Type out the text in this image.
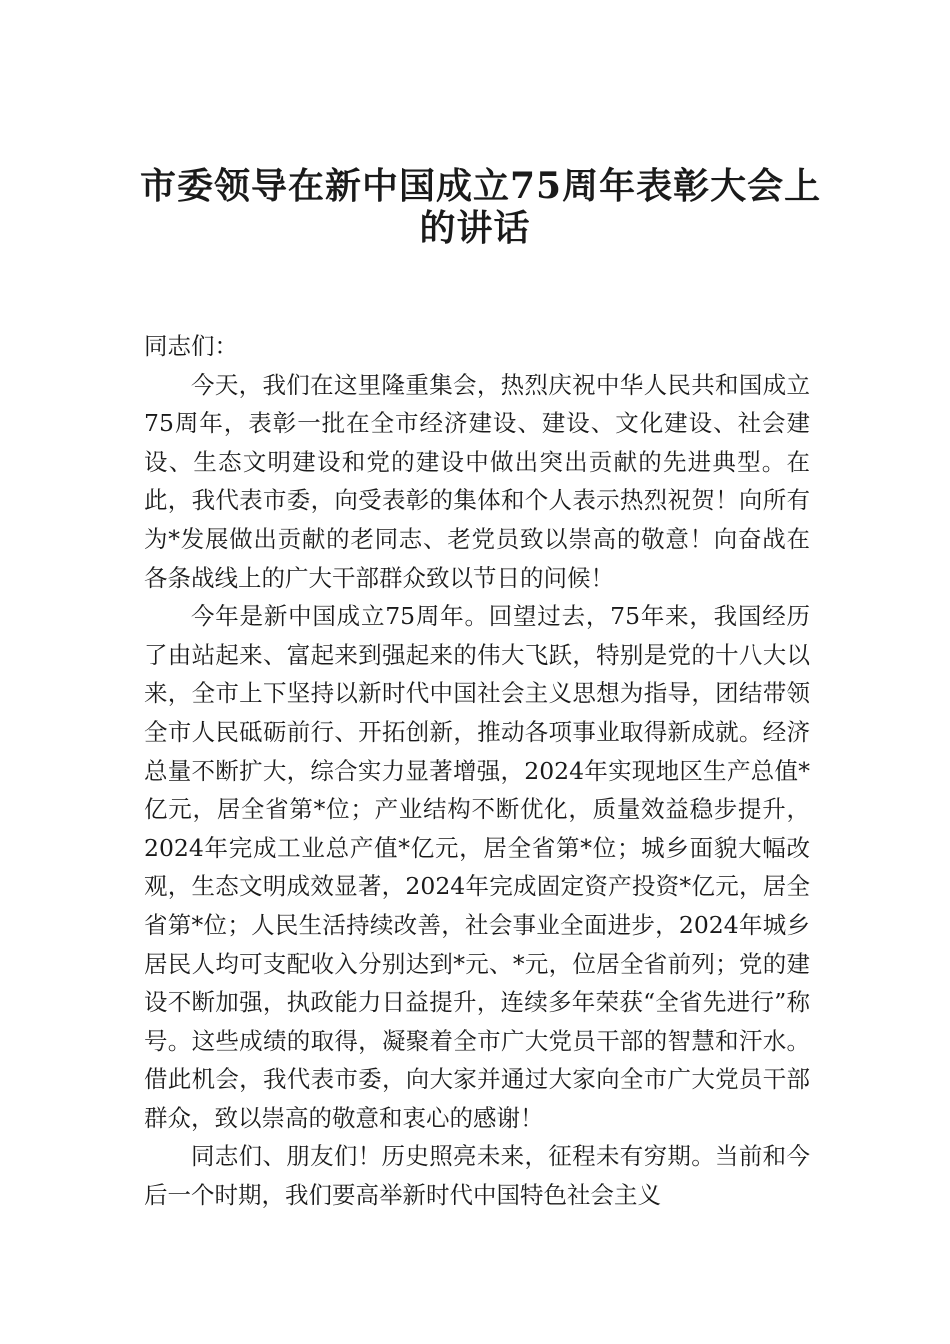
市委领导在新中国成立75周年表彰大会上
的讲话

同志们：

今天，我们在这里隆重集会，热烈庆祝中华人民共和国成立75周年，表彰一批在全市经济建设、建设、文化建设、社会建设、生态文明建设和党的建设中做出突出贡献的先进典型。在此，我代表市委，向受表彰的集体和个人表示热烈祝贺！向所有为*发展做出贡献的老同志、老党员致以崇高的敬意！向奋战在各条战线上的广大干部群众致以节日的问候！

今年是新中国成立75周年。回望过去，75年来，我国经历了由站起来、富起来到强起来的伟大飞跃，特别是党的十八大以来，全市上下坚持以新时代中国社会主义思想为指导，团结带领全市人民砥砺前行、开拓创新，推动各项事业取得新成就。经济总量不断扩大，综合实力显著增强，2024年实现地区生产总值*亿元，居全省第*位；产业结构不断优化，质量效益稳步提升，2024年完成工业总产值*亿元，居全省第*位；城乡面貌大幅改观，生态文明成效显著，2024年完成固定资产投资*亿元，居全省第*位；人民生活持续改善，社会事业全面进步，2024年城乡居民人均可支配收入分别达到*元、*元，位居全省前列；党的建设不断加强，执政能力日益提升，连续多年荣获“全省先进行”称号。这些成绩的取得，凝聚着全市广大党员干部的智慧和汗水。借此机会，我代表市委，向大家并通过大家向全市广大党员干部群众，致以崇高的敬意和衷心的感谢！

同志们、朋友们！历史照亮未来，征程未有穷期。当前和今后一个时期，我们要高举新时代中国特色社会主义
